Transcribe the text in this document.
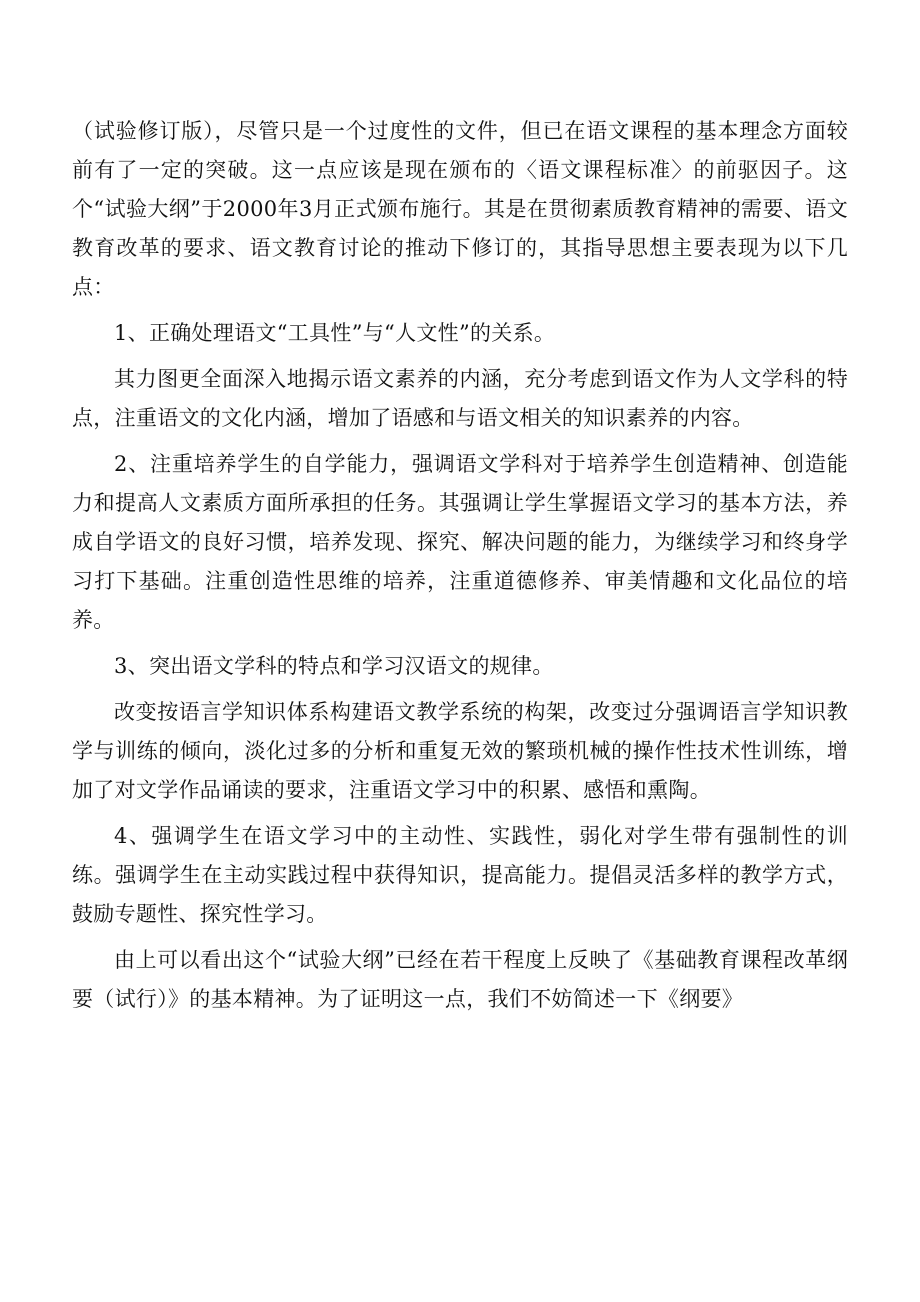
（试验修订版），尽管只是一个过度性的文件，但已在语文课程的基本理念方面较前有了一定的突破。这一点应该是现在颁布的〈语文课程标准〉的前驱因子。这个“试验大纲”于2000年3月正式颁布施行。其是在贯彻素质教育精神的需要、语文教育改革的要求、语文教育讨论的推动下修订的，其指导思想主要表现为以下几点：

1、正确处理语文“工具性”与“人文性”的关系。

其力图更全面深入地揭示语文素养的内涵，充分考虑到语文作为人文学科的特点，注重语文的文化内涵，增加了语感和与语文相关的知识素养的内容。

2、注重培养学生的自学能力，强调语文学科对于培养学生创造精神、创造能力和提高人文素质方面所承担的任务。其强调让学生掌握语文学习的基本方法，养成自学语文的良好习惯，培养发现、探究、解决问题的能力，为继续学习和终身学习打下基础。注重创造性思维的培养，注重道德修养、审美情趣和文化品位的培养。

3、突出语文学科的特点和学习汉语文的规律。

改变按语言学知识体系构建语文教学系统的构架，改变过分强调语言学知识教学与训练的倾向，淡化过多的分析和重复无效的繁琐机械的操作性技术性训练，增加了对文学作品诵读的要求，注重语文学习中的积累、感悟和熏陶。

4、强调学生在语文学习中的主动性、实践性，弱化对学生带有强制性的训练。强调学生在主动实践过程中获得知识，提高能力。提倡灵活多样的教学方式，鼓励专题性、探究性学习。

由上可以看出这个“试验大纲”已经在若干程度上反映了《基础教育课程改革纲要（试行）》的基本精神。为了证明这一点，我们不妨简述一下《纲要》
